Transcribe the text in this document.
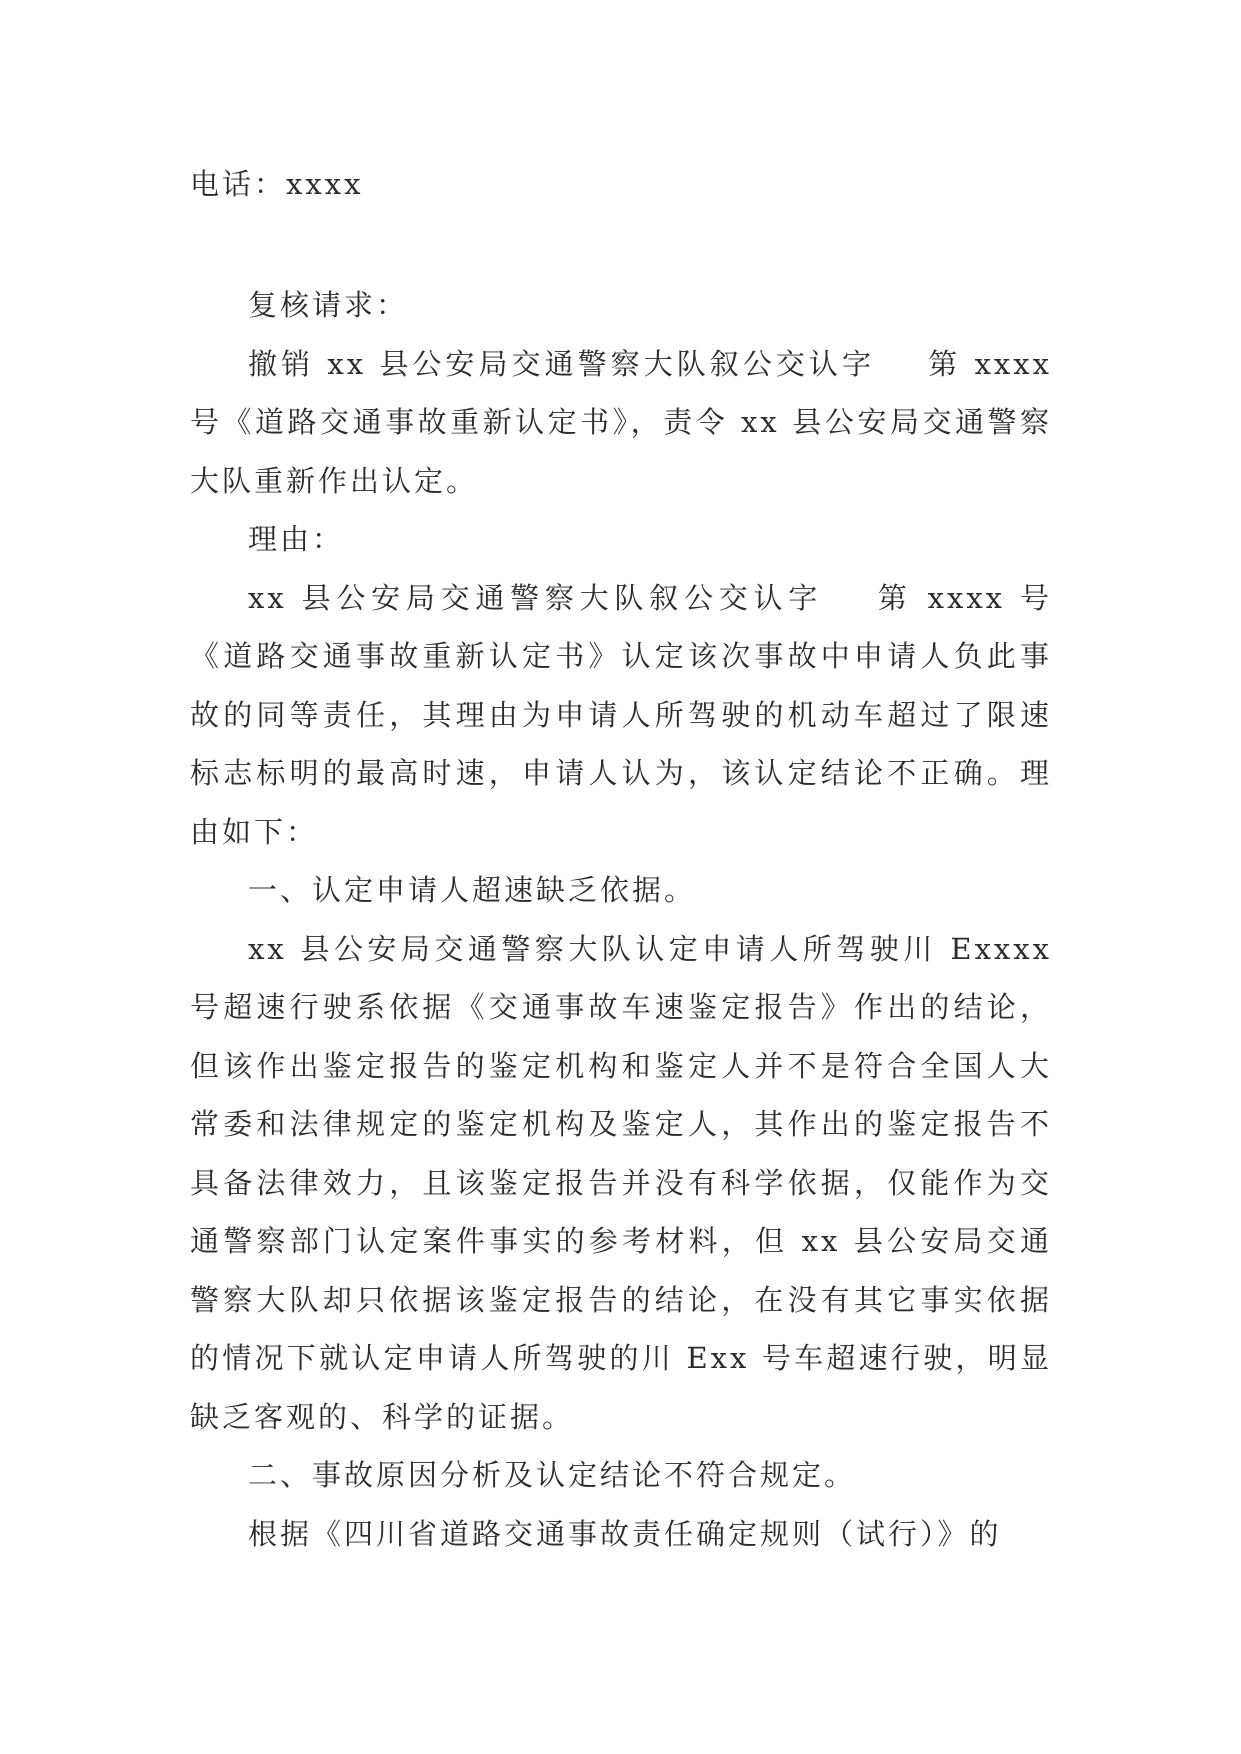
电话：xxxx

复核请求：

撤销 xx 县公安局交通警察大队叙公交认字 第 xxxx 号《道路交通事故重新认定书》，责令 xx 县公安局交通警察大队重新作出认定。

理由：

xx 县公安局交通警察大队叙公交认字 第 xxxx 号《道路交通事故重新认定书》认定该次事故中申请人负此事故的同等责任，其理由为申请人所驾驶的机动车超过了限速标志标明的最高时速，申请人认为，该认定结论不正确。理由如下：

一、认定申请人超速缺乏依据。

xx 县公安局交通警察大队认定申请人所驾驶川 Exxxx 号超速行驶系依据《交通事故车速鉴定报告》作出的结论，但该作出鉴定报告的鉴定机构和鉴定人并不是符合全国人大常委和法律规定的鉴定机构及鉴定人，其作出的鉴定报告不具备法律效力，且该鉴定报告并没有科学依据，仅能作为交通警察部门认定案件事实的参考材料，但 xx 县公安局交通警察大队却只依据该鉴定报告的结论，在没有其它事实依据的情况下就认定申请人所驾驶的川 Exx 号车超速行驶，明显缺乏客观的、科学的证据。

二、事故原因分析及认定结论不符合规定。

根据《四川省道路交通事故责任确定规则（试行）》的
